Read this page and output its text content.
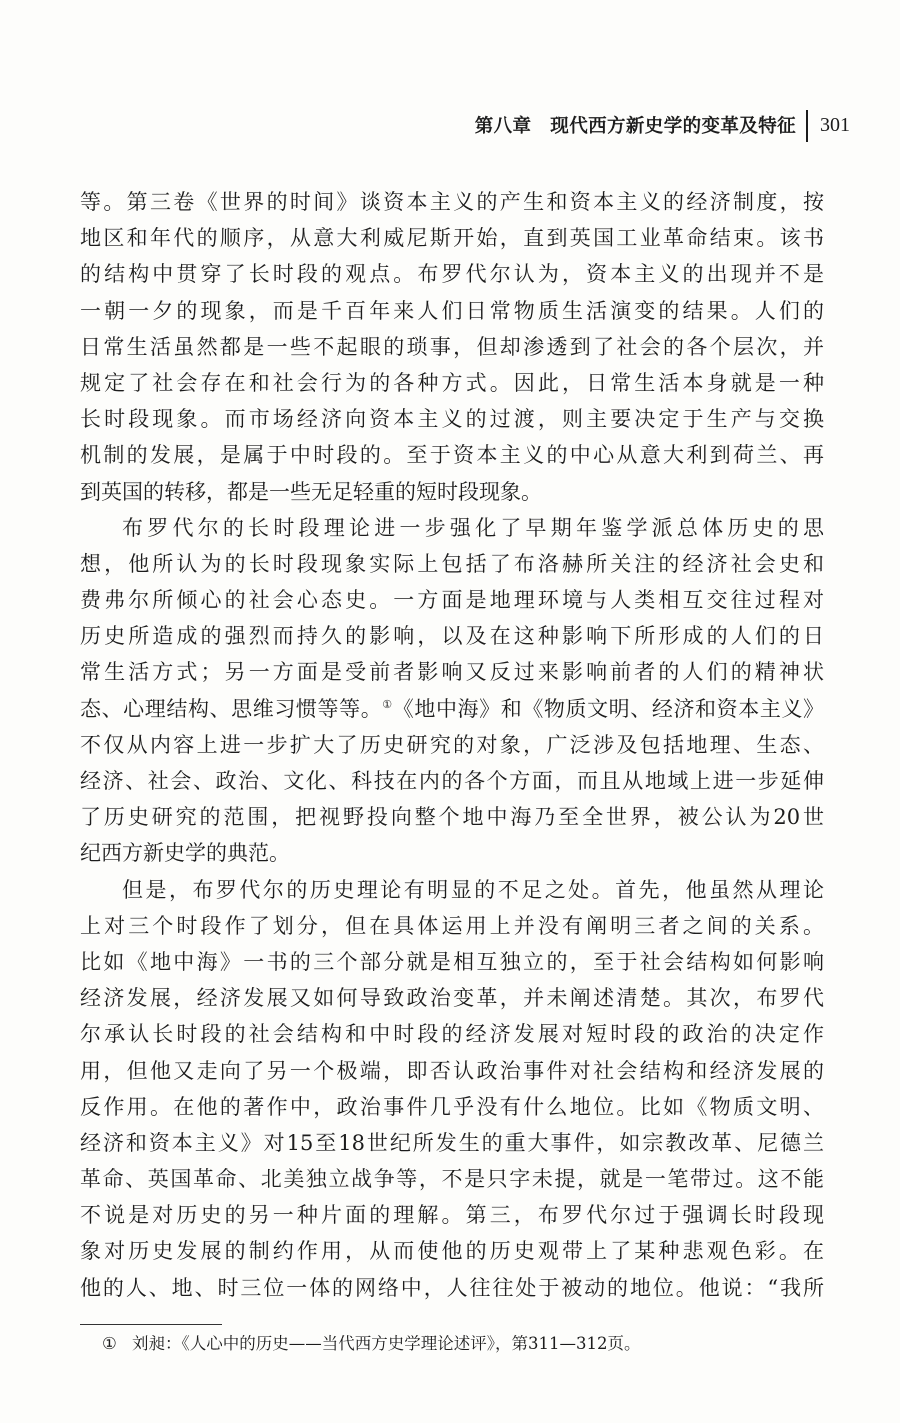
第八章　现代西方新史学的变革及特征 301
等。第三卷《世界的时间》谈资本主义的产生和资本主义的经济制度，按
地区和年代的顺序，从意大利威尼斯开始，直到英国工业革命结束。该书
的结构中贯穿了长时段的观点。布罗代尔认为，资本主义的出现并不是
一朝一夕的现象，而是千百年来人们日常物质生活演变的结果。人们的
日常生活虽然都是一些不起眼的琐事，但却渗透到了社会的各个层次，并
规定了社会存在和社会行为的各种方式。因此，日常生活本身就是一种
长时段现象。而市场经济向资本主义的过渡，则主要决定于生产与交换
机制的发展，是属于中时段的。至于资本主义的中心从意大利到荷兰、再
到英国的转移，都是一些无足轻重的短时段现象。
布罗代尔的长时段理论进一步强化了早期年鉴学派总体历史的思
想，他所认为的长时段现象实际上包括了布洛赫所关注的经济社会史和
费弗尔所倾心的社会心态史。一方面是地理环境与人类相互交往过程对
历史所造成的强烈而持久的影响，以及在这种影响下所形成的人们的日
常生活方式；另一方面是受前者影响又反过来影响前者的人们的精神状
态、心理结构、思维习惯等等。①《地中海》和《物质文明、经济和资本主义》
不仅从内容上进一步扩大了历史研究的对象，广泛涉及包括地理、生态、
经济、社会、政治、文化、科技在内的各个方面，而且从地域上进一步延伸
了历史研究的范围，把视野投向整个地中海乃至全世界，被公认为20世
纪西方新史学的典范。
但是，布罗代尔的历史理论有明显的不足之处。首先，他虽然从理论
上对三个时段作了划分，但在具体运用上并没有阐明三者之间的关系。
比如《地中海》一书的三个部分就是相互独立的，至于社会结构如何影响
经济发展，经济发展又如何导致政治变革，并未阐述清楚。其次，布罗代
尔承认长时段的社会结构和中时段的经济发展对短时段的政治的决定作
用，但他又走向了另一个极端，即否认政治事件对社会结构和经济发展的
反作用。在他的著作中，政治事件几乎没有什么地位。比如《物质文明、
经济和资本主义》对15至18世纪所发生的重大事件，如宗教改革、尼德兰
革命、英国革命、北美独立战争等，不是只字未提，就是一笔带过。这不能
不说是对历史的另一种片面的理解。第三，布罗代尔过于强调长时段现
象对历史发展的制约作用，从而使他的历史观带上了某种悲观色彩。在
他的人、地、时三位一体的网络中，人往往处于被动的地位。他说：“我所
① 刘昶：《人心中的历史——当代西方史学理论述评》，第311—312页。
